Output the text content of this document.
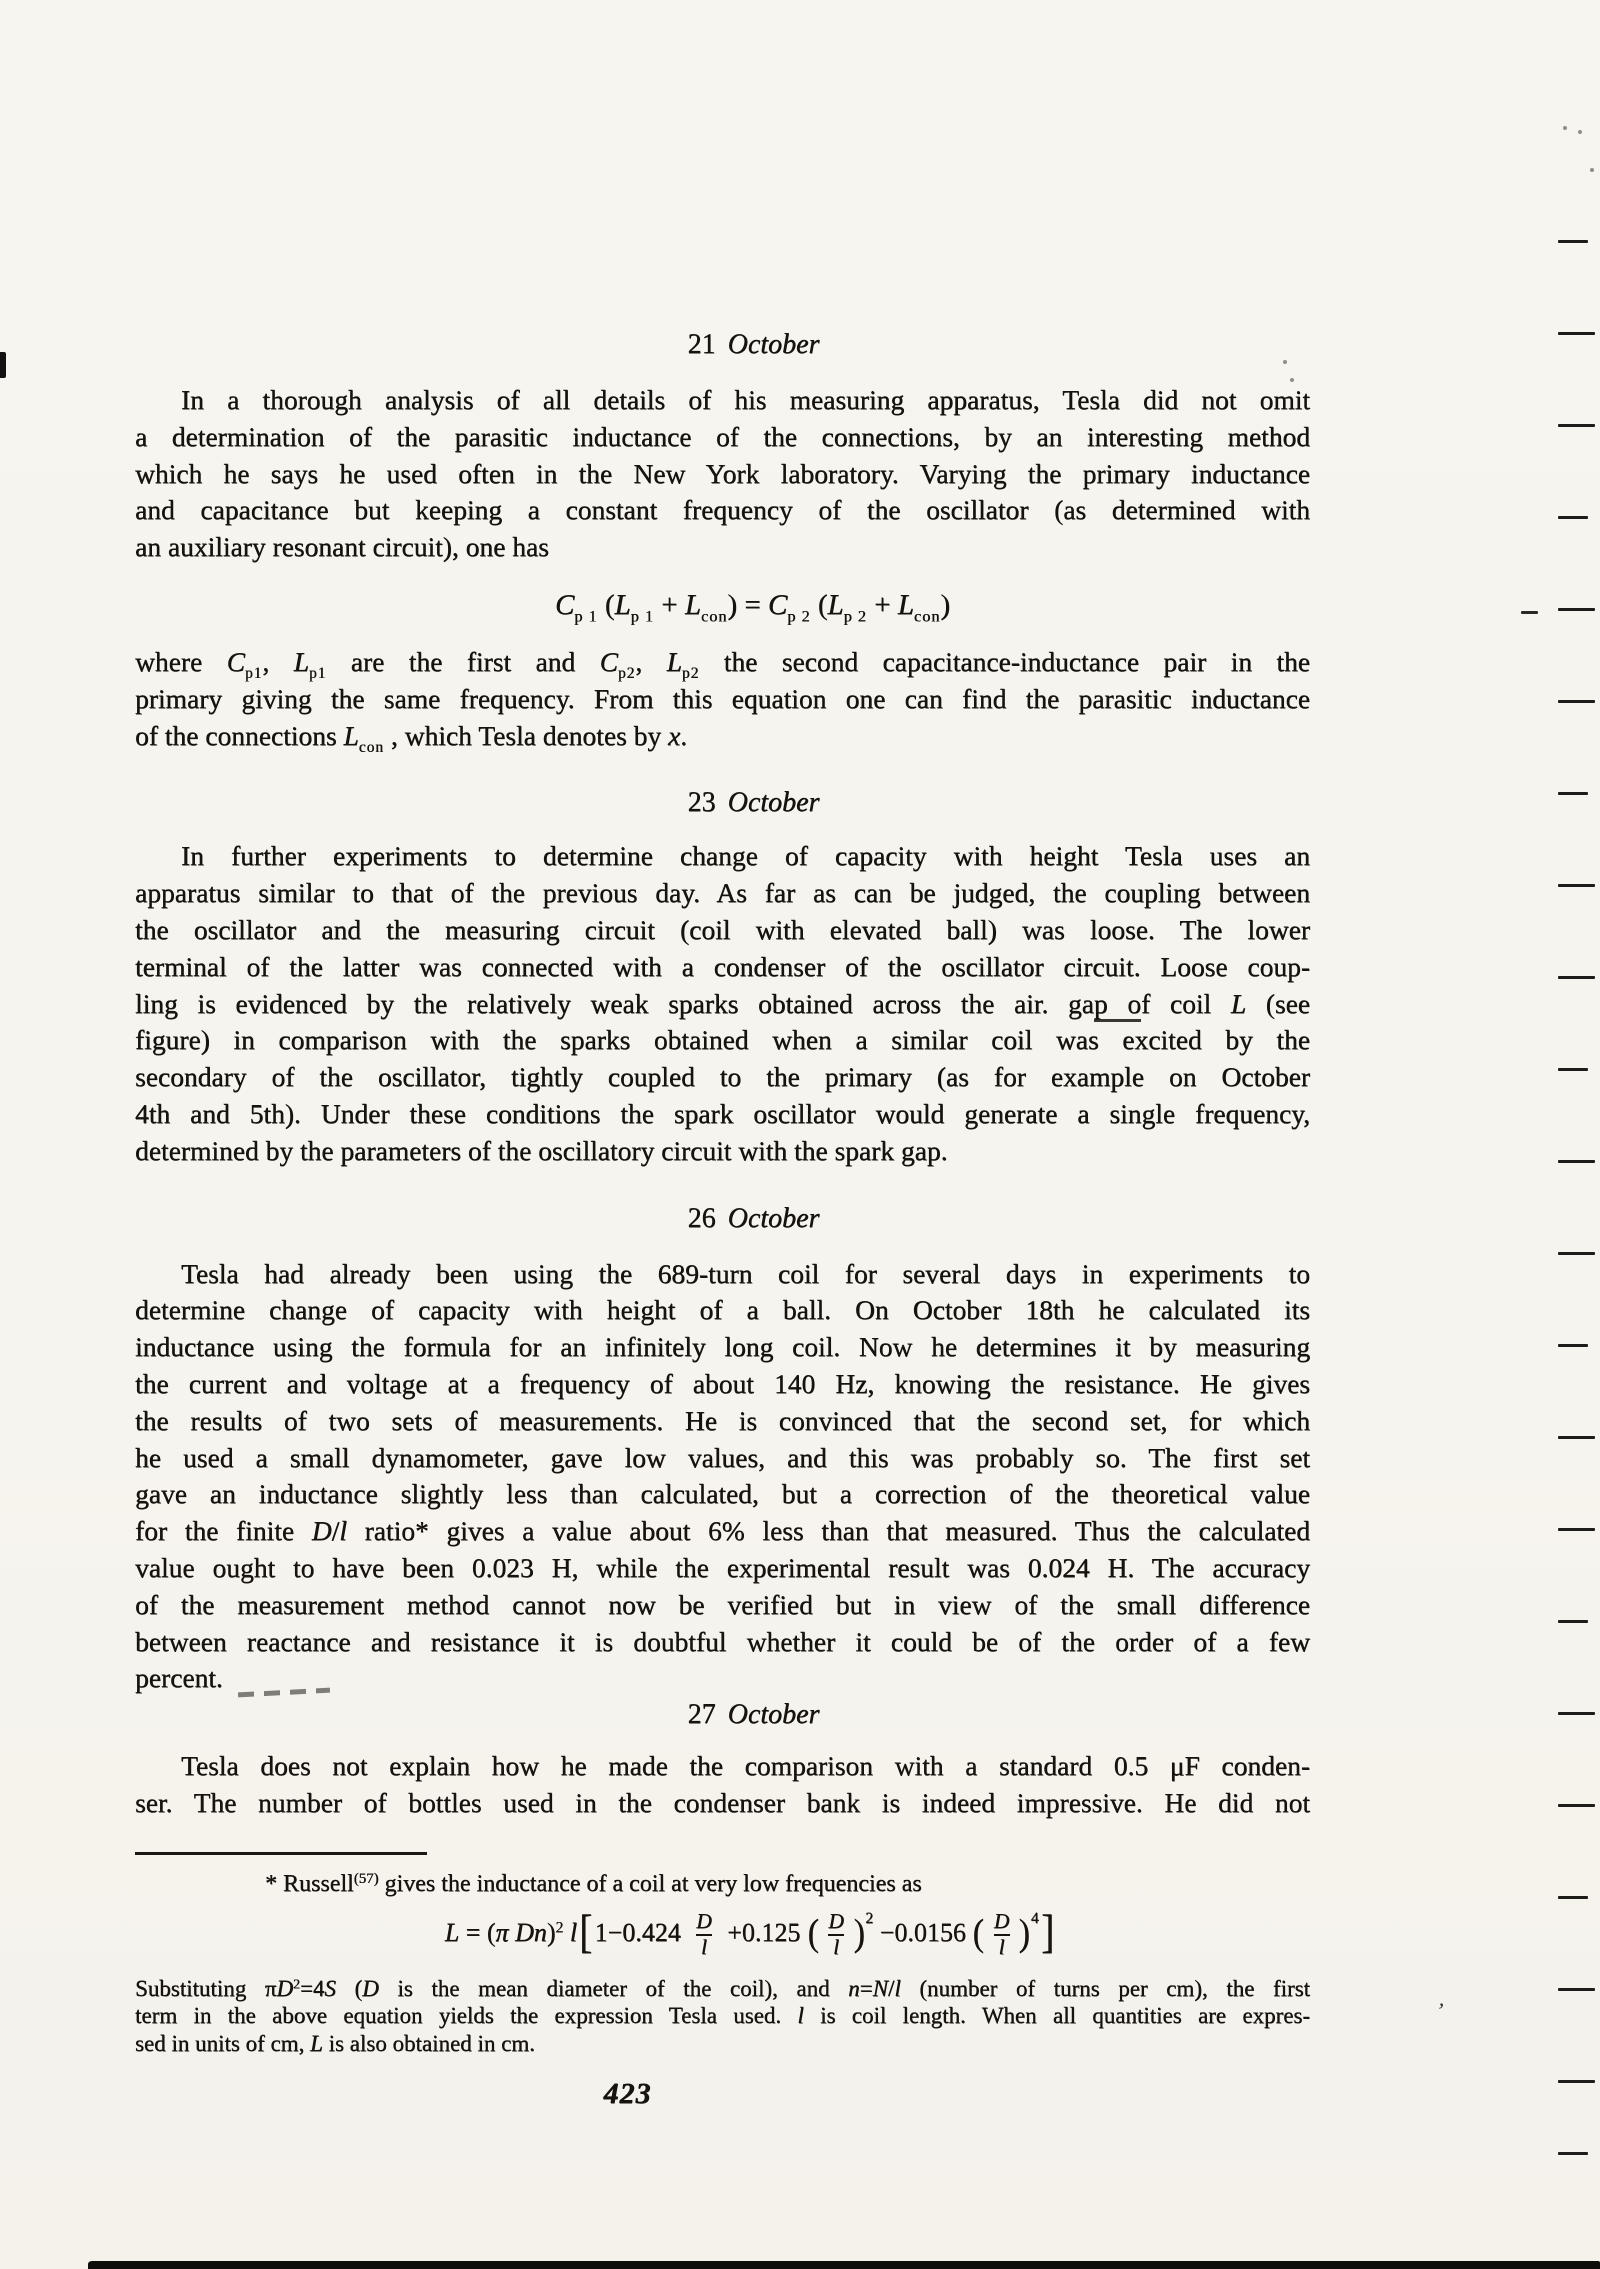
21 October
In a thorough analysis of all details of his measuring apparatus, Tesla did not omit
a determination of the parasitic inductance of the connections, by an interesting method
which he says he used often in the New York laboratory. Varying the primary inductance
and capacitance but keeping a constant frequency of the oscillator (as determined with
an auxiliary resonant circuit), one has
$C_{p 1}$ $(L_{p 1} + L_{con}) = C_{p 2}$ $(L_{p 2} + L_{con})$
where $C_{p1}$, $L_{p1}$ are the first and $C_{p2}$, $L_{p2}$ the second capacitance-inductance pair in the
primary giving the same frequency. From this equation one can find the parasitic inductance
of the connections $L_{con}$ , which Tesla denotes by x.
23 October
In further experiments to determine change of capacity with height Tesla uses an
apparatus similar to that of the previous day. As far as can be judged, the coupling between
the oscillator and the measuring circuit (coil with elevated ball) was loose. The lower
terminal of the latter was connected with a condenser of the oscillator circuit. Loose coup-
ling is evidenced by the relatively weak sparks obtained across the air. gap of coil L (see
figure) in comparison with the sparks obtained when a similar coil was excited by the
secondary of the oscillator, tightly coupled to the primary (as for example on October
4th and 5th). Under these conditions the spark oscillator would generate a single frequency,
determined by the parameters of the oscillatory circuit with the spark gap.
26 October
Tesla had already been using the 689-turn coil for several days in experiments to
determine change of capacity with height of a ball. On October 18th he calculated its
inductance using the formula for an infinitely long coil. Now he determines it by measuring
the current and voltage at a frequency of about 140 Hz, knowing the resistance. He gives
the results of two sets of measurements. He is convinced that the second set, for which
he used a small dynamometer, gave low values, and this was probably so. The first set
gave an inductance slightly less than calculated, but a correction of the theoretical value
for the finite D/l ratio* gives a value about 6% less than that measured. Thus the calculated
value ought to have been 0.023 H, while the experimental result was 0.024 H. The accuracy
of the measurement method cannot now be verified but in view of the small difference
between reactance and resistance it is doubtful whether it could be of the order of a few
percent.
27 October
Tesla does not explain how he made the comparison with a standard 0.5 μF conden-
ser. The number of bottles used in the condenser bank is indeed impressive. He did not
* Russell$^{(57)}$ gives the inductance of a coil at very low frequencies as
L = (π Dn)$^2$ $l[1-0.424 \frac{D}{l} +0.125$ ( $\frac{D}{l} )^2 -0.0156$ ( $\frac{D}{l} )^4$]
Substituting $\pi D^2=4S$ (D is the mean diameter of the coil), and n=N/l (number of turns per cm), the first
term in the above equation yields the expression Tesla used. l is coil length. When all quantities are expres-
sed in units of cm, L is also obtained in cm.
423
’
